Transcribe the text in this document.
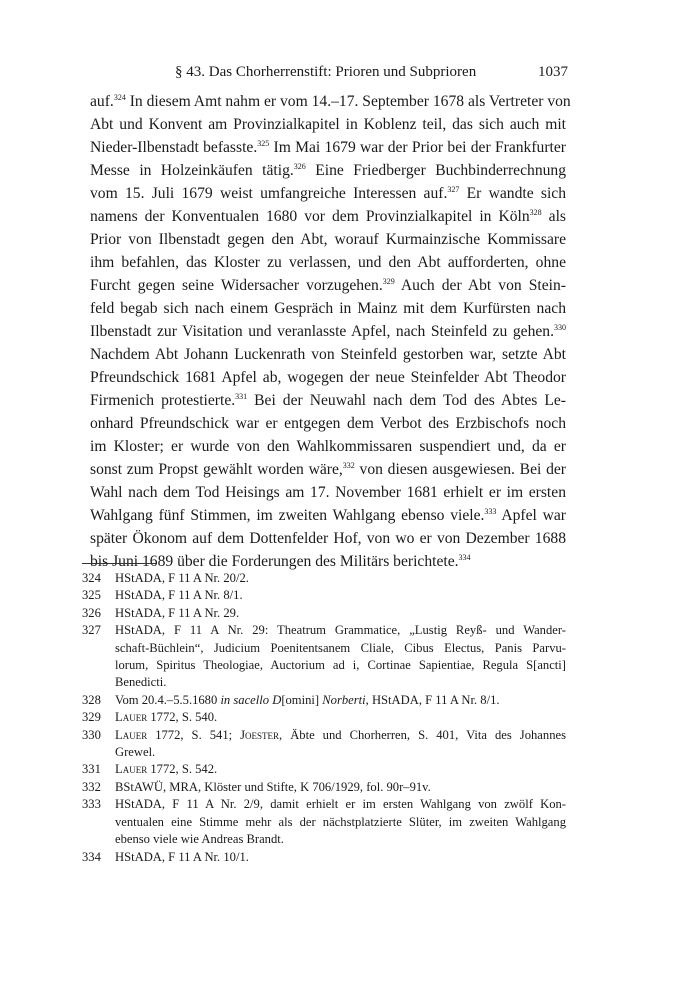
§ 43. Das Chorherrenstift: Prioren und Subprioren	1037
auf.$^{324}$ In diesem Amt nahm er vom 14.–17. September 1678 als Vertreter von
Abt und Konvent am Provinzialkapitel in Koblenz teil, das sich auch mit
Nieder-Ilbenstadt befasste.$^{325}$ Im Mai 1679 war der Prior bei der Frankfurter
Messe in Holzeinkäufen tätig.$^{326}$ Eine Friedberger Buchbinderrechnung
vom 15. Juli 1679 weist umfangreiche Interessen auf.$^{327}$ Er wandte sich
namens der Konventualen 1680 vor dem Provinzialkapitel in Köln$^{328}$ als
Prior von Ilbenstadt gegen den Abt, worauf Kurmainzische Kommissare
ihm befahlen, das Kloster zu verlassen, und den Abt aufforderten, ohne
Furcht gegen seine Widersacher vorzugehen.$^{329}$ Auch der Abt von Stein-
feld begab sich nach einem Gespräch in Mainz mit dem Kurfürsten nach
Ilbenstadt zur Visitation und veranlasste Apfel, nach Steinfeld zu gehen.$^{330}$
Nachdem Abt Johann Luckenrath von Steinfeld gestorben war, setzte Abt
Pfreundschick 1681 Apfel ab, wogegen der neue Steinfelder Abt Theodor
Firmenich protestierte.$^{331}$ Bei der Neuwahl nach dem Tod des Abtes Le-
onhard Pfreundschick war er entgegen dem Verbot des Erzbischofs noch
im Kloster; er wurde von den Wahlkommissaren suspendiert und, da er
sonst zum Propst gewählt worden wäre,$^{332}$ von diesen ausgewiesen. Bei der
Wahl nach dem Tod Heisings am 17. November 1681 erhielt er im ersten
Wahlgang fünf Stimmen, im zweiten Wahlgang ebenso viele.$^{333}$ Apfel war
später Ökonom auf dem Dottenfelder Hof, von wo er von Dezember 1688
bis Juni 1689 über die Forderungen des Militärs berichtete.$^{334}$
324 HStADA, F 11 A Nr. 20/2.
325 HStADA, F 11 A Nr. 8/1.
326 HStADA, F 11 A Nr. 29.
327 HStADA, F 11 A Nr. 29: Theatrum Grammatice, „Lustig Reyß- und Wander-
schaft-Büchlein“, Judicium Poenitentsanem Cliale, Cibus Electus, Panis Parvu-
lorum, Spiritus Theologiae, Auctorium ad i, Cortinae Sapientiae, Regula S[ancti]
Benedicti.
328 Vom 20.4.–5.5.1680 in sacello D[omini] Norberti, HStADA, F 11 A Nr. 8/1.
329 Lauer 1772, S. 540.
330 Lauer 1772, S. 541; Joester, Äbte und Chorherren, S. 401, Vita des Johannes
Grewel.
331 Lauer 1772, S. 542.
332 BStAWÜ, MRA, Klöster und Stifte, K 706/1929, fol. 90r–91v.
333 HStADA, F 11 A Nr. 2/9, damit erhielt er im ersten Wahlgang von zwölf Kon-
ventualen eine Stimme mehr als der nächstplatzierte Slüter, im zweiten Wahlgang
ebenso viele wie Andreas Brandt.
334 HStADA, F 11 A Nr. 10/1.
